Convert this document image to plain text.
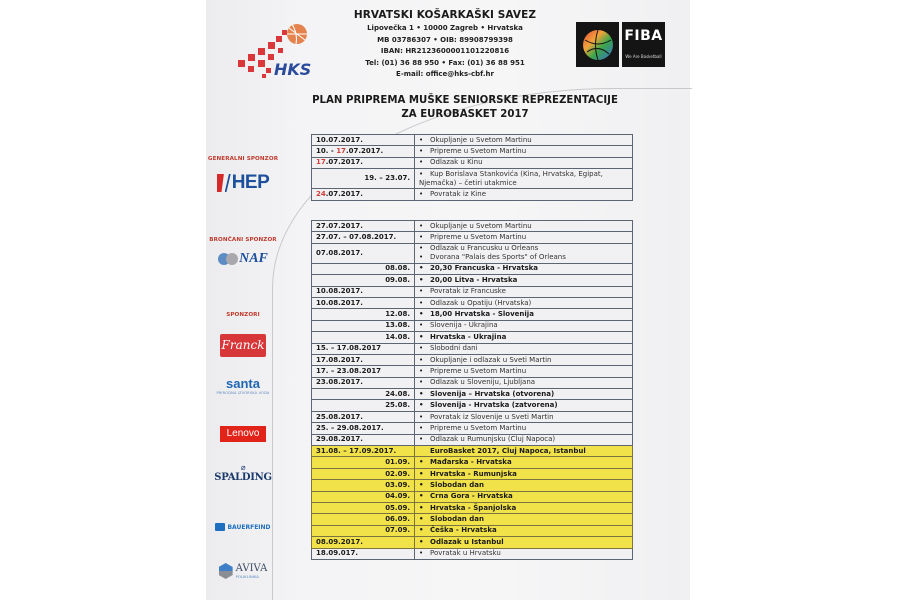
HKS
HRVATSKI KOŠARKAŠKI SAVEZ
Lipovečka 1 • 10000 Zagreb • Hrvatska
MB 03786307 • OIB: 89908799398
IBAN: HR2123600001101220816
Tel: (01) 36 88 950 • Fax: (01) 36 88 951
E-mail: office@hks-cbf.hr
FIBA
We Are Basketball
PLAN PRIPREMA MUŠKE SENIORSKE REPREZENTACIJE
ZA EUROBASKET 2017
GENERALNI SPONZOR
HEP
BRONČANI SPONZOR
NAF
SPONZORI
Franck
santa
PRIRODNA IZVORSKA VODA
Lenovo
⌀
SPALDING
BAUERFEIND
AVIVA
POLIKLINIKA
10.07.2017.	• Okupljanje u Svetom Martinu
10. - 17.07.2017.	• Pripreme u Svetom Martinu
17.07.2017.	• Odlazak u Kinu
19. – 23.07.	• Kup Borislava Stankovića (Kina, Hrvatska, Egipat, Njemačka) – četiri utakmice
24.07.2017.	• Povratak iz Kine
27.07.2017.	• Okupljanje u Svetom Martinu
27.07. – 07.08.2017.	• Pripreme u Svetom Martinu
07.08.2017.	• Odlazak u Francusku u Orleans
• Dvorana "Palais des Sports" of Orleans
08.08.	• 20,30 Francuska - Hrvatska
09.08.	• 20,00 Litva - Hrvatska
10.08.2017.	• Povratak iz Francuske
10.08.2017.	• Odlazak u Opatiju (Hrvatska)
12.08.	• 18,00 Hrvatska - Slovenija
13.08.	• Slovenija - Ukrajina
14.08.	• Hrvatska - Ukrajina
15. – 17.08.2017	• Slobodni dani
17.08.2017.	• Okupljanje i odlazak u Sveti Martin
17. – 23.08.2017	• Pripreme u Svetom Martinu
23.08.2017.	• Odlazak u Sloveniju, Ljubljana
24.08.	• Slovenija – Hrvatska (otvorena)
25.08.	• Slovenija - Hrvatska (zatvorena)
25.08.2017.	• Povratak iz Slovenije u Sveti Martin
25. – 29.08.2017.	• Pripreme u Svetom Martinu
29.08.2017.	• Odlazak u Rumunjsku (Cluj Napoca)
31.08. – 17.09.2017.	EuroBasket 2017, Cluj Napoca, Istanbul
01.09.	• Mađarska - Hrvatska
02.09.	• Hrvatska - Rumunjska
03.09.	• Slobodan dan
04.09.	• Crna Gora - Hrvatska
05.09.	• Hrvatska - Španjolska
06.09.	• Slobodan dan
07.09.	• Češka - Hrvatska
08.09.2017.	• Odlazak u Istanbul
18.09.017.	• Povratak u Hrvatsku
